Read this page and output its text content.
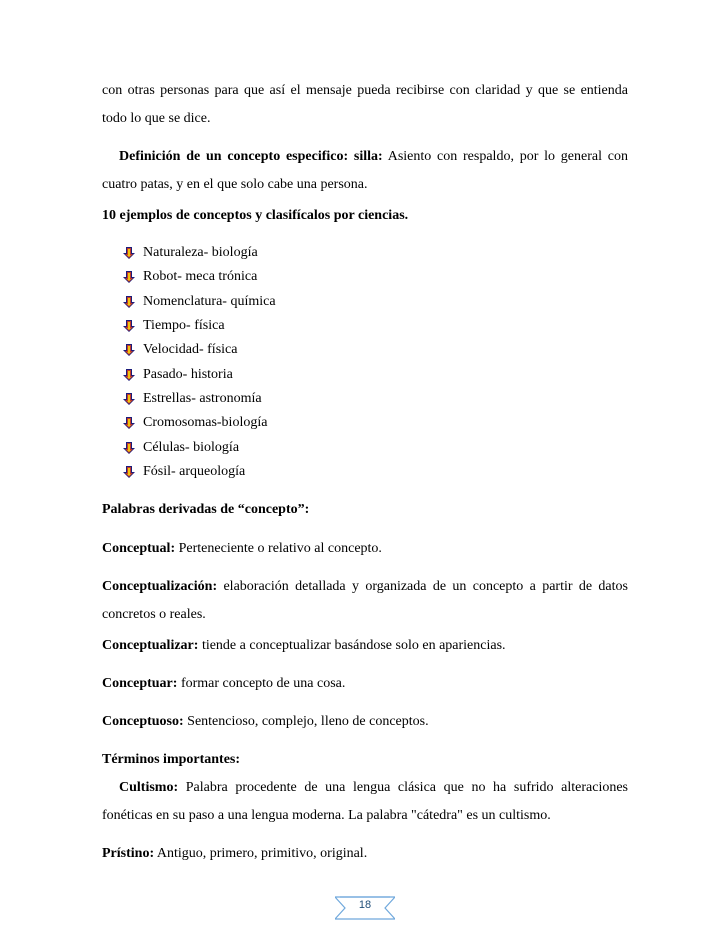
con otras personas para que así el mensaje pueda recibirse con claridad y que se entienda
todo lo que se dice.

Definición de un concepto especifico: silla: Asiento con respaldo, por lo general con
cuatro patas, y en el que solo cabe una persona.

10 ejemplos de conceptos y clasifícalos por ciencias.

Naturaleza- biología
Robot- meca trónica
Nomenclatura- química
Tiempo- física
Velocidad- física
Pasado- historia
Estrellas- astronomía
Cromosomas-biología
Células- biología
Fósil- arqueología

Palabras derivadas de “concepto”:

Conceptual: Perteneciente o relativo al concepto.

Conceptualización: elaboración detallada y organizada de un concepto a partir de datos
concretos o reales.

Conceptualizar: tiende a conceptualizar basándose solo en apariencias.

Conceptuar: formar concepto de una cosa.

Conceptuoso: Sentencioso, complejo, lleno de conceptos.

Términos importantes:

Cultismo: Palabra procedente de una lengua clásica que no ha sufrido alteraciones
fonéticas en su paso a una lengua moderna. La palabra "cátedra" es un cultismo.

Prístino: Antiguo, primero, primitivo, original.

18
